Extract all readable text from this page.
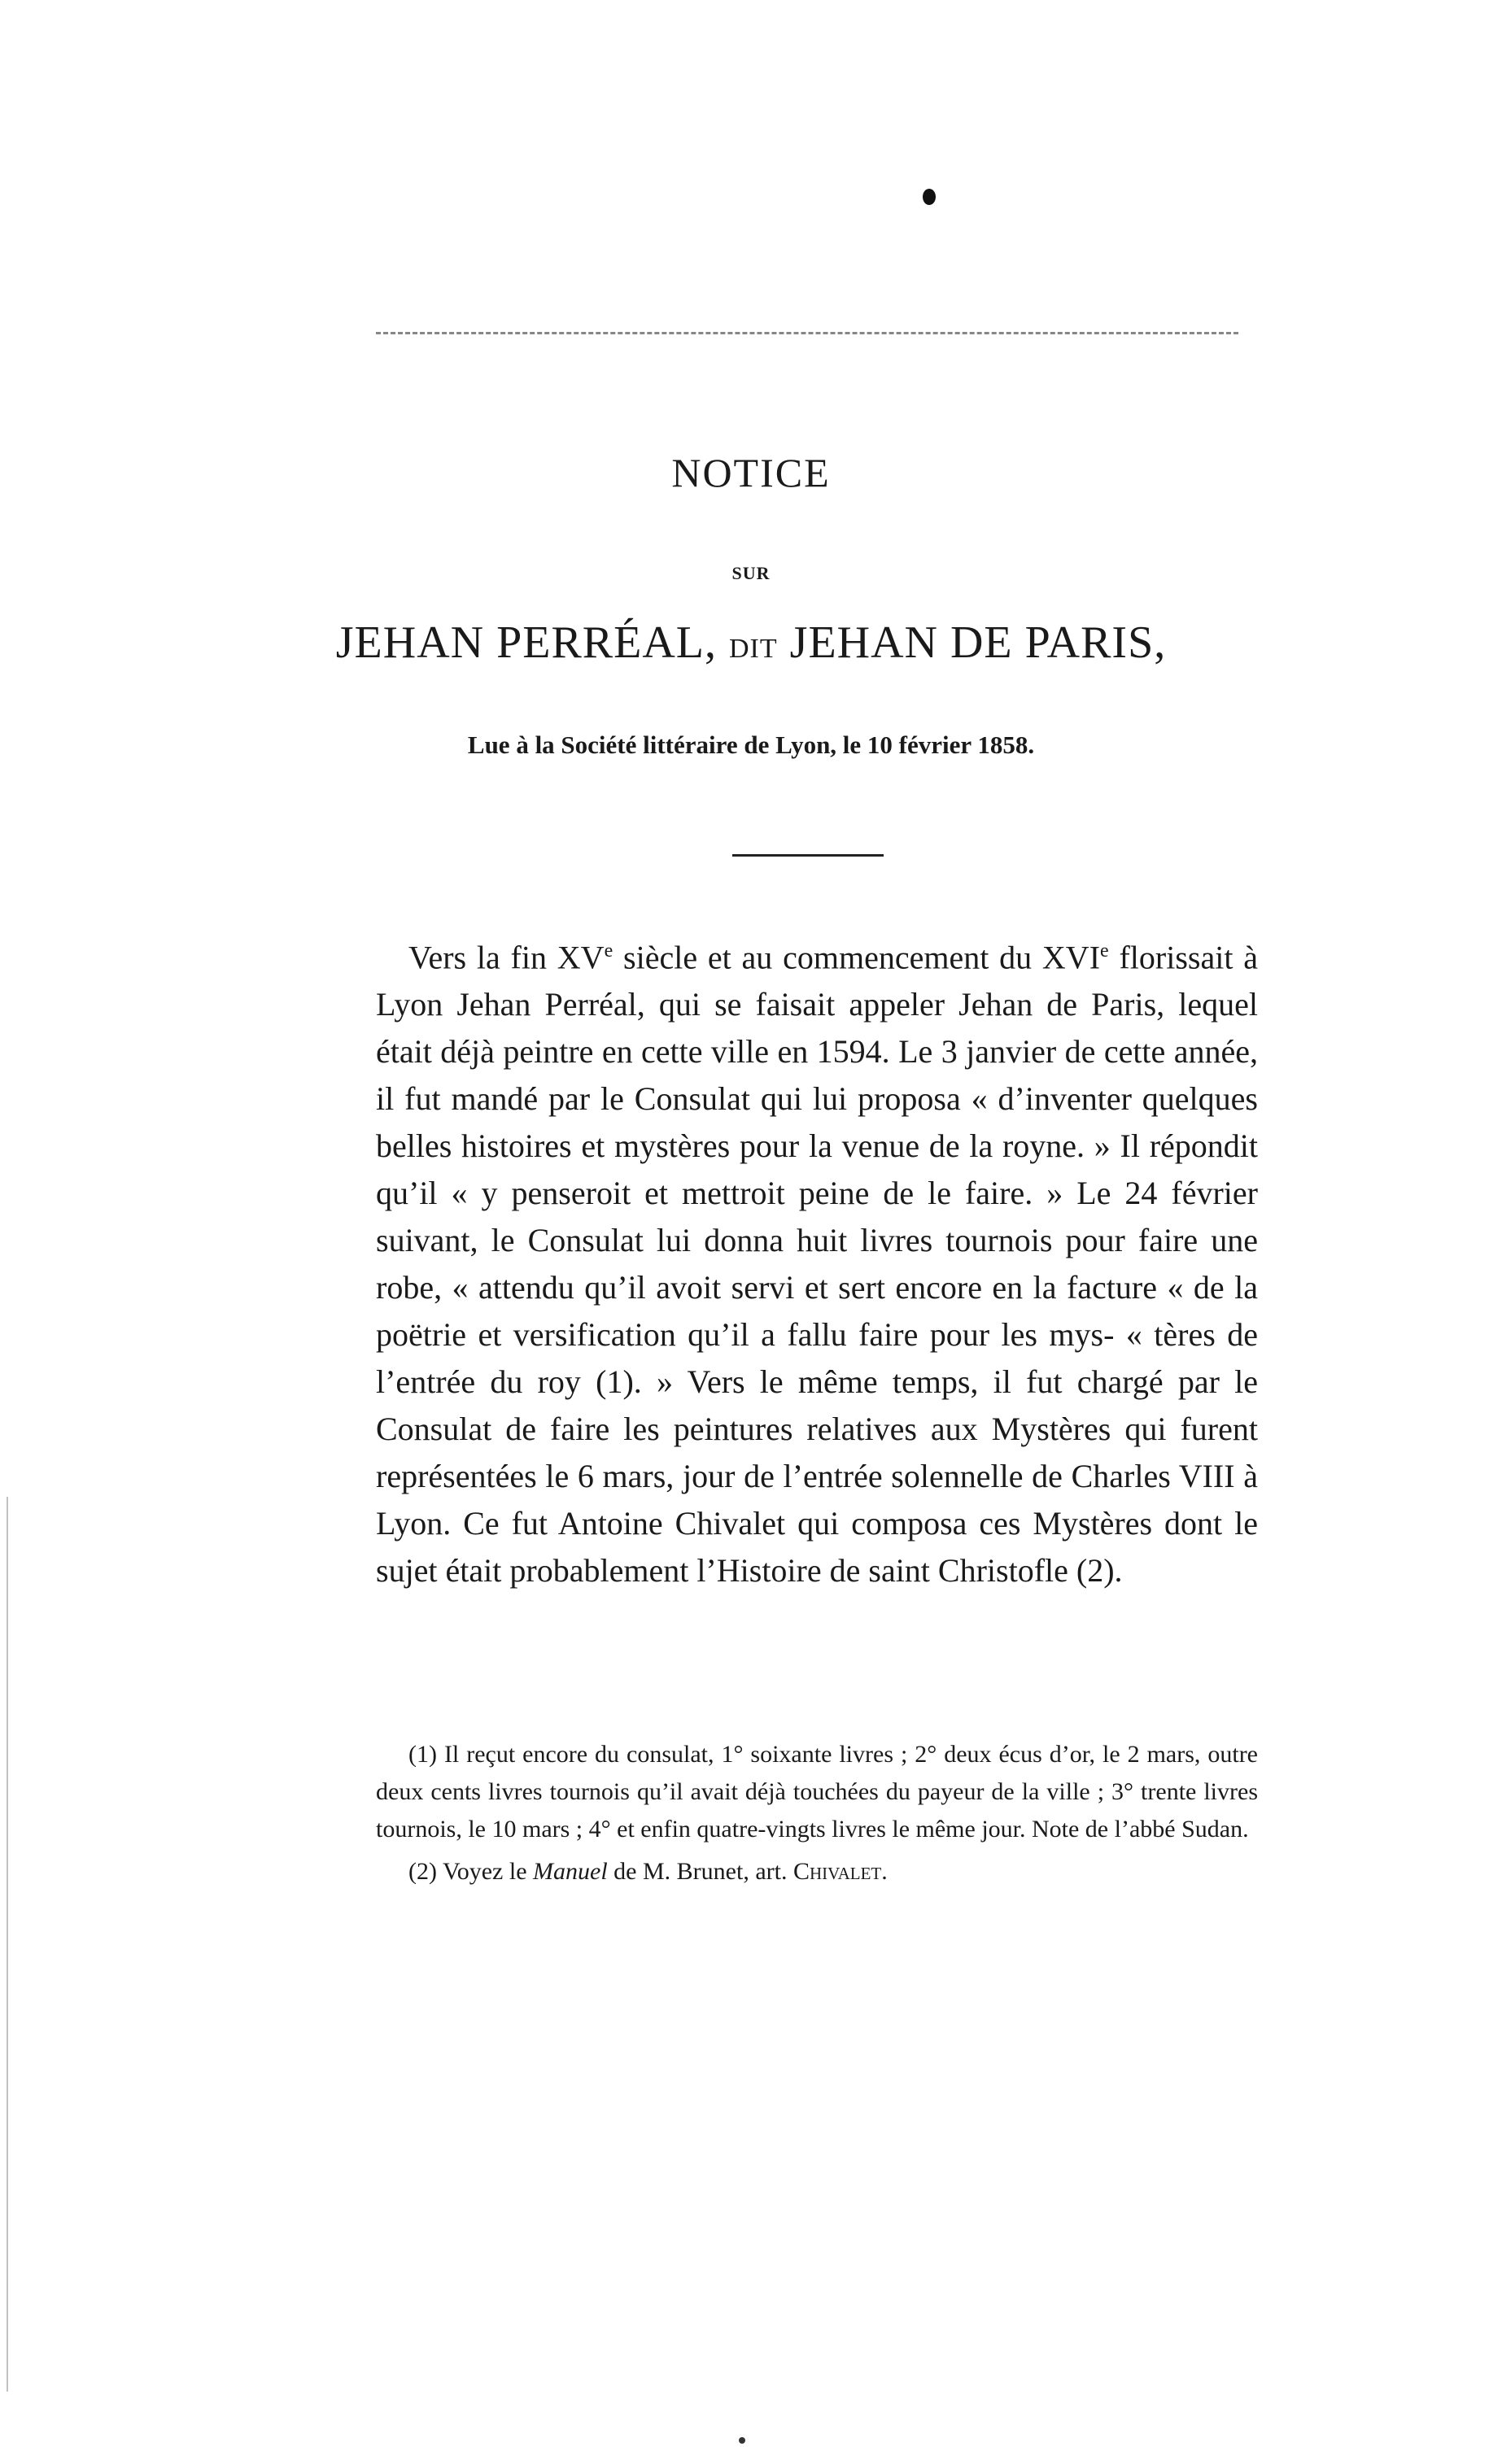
NOTICE
SUR
JEHAN PERRÉAL, DIT JEHAN DE PARIS,
Lue à la Société littéraire de Lyon, le 10 février 1858.

Vers la fin XVe siècle et au commencement du XVIe florissait à Lyon Jehan Perréal, qui se faisait appeler Jehan de Paris, lequel était déjà peintre en cette ville en 1594. Le 3 janvier de cette année, il fut mandé par le Consulat qui lui proposa « d’inventer quelques belles histoires et mystères pour la venue de la royne. » Il répondit qu’il « y penseroit et mettroit peine de le faire. » Le 24 février suivant, le Consulat lui donna huit livres tournois pour faire une robe, « attendu qu’il avoit servi et sert encore en la facture « de la poëtrie et versification qu’il a fallu faire pour les mys- « tères de l’entrée du roy (1). » Vers le même temps, il fut chargé par le Consulat de faire les peintures relatives aux Mystères qui furent représentées le 6 mars, jour de l’entrée solennelle de Charles VIII à Lyon. Ce fut Antoine Chivalet qui composa ces Mystères dont le sujet était probablement l’Histoire de saint Christofle (2).

(1) Il reçut encore du consulat, 1° soixante livres ; 2° deux écus d’or, le 2 mars, outre deux cents livres tournois qu’il avait déjà touchées du payeur de la ville ; 3° trente livres tournois, le 10 mars ; 4° et enfin quatre-vingts livres le même jour. Note de l’abbé Sudan.

(2) Voyez le Manuel de M. Brunet, art. Chivalet.
